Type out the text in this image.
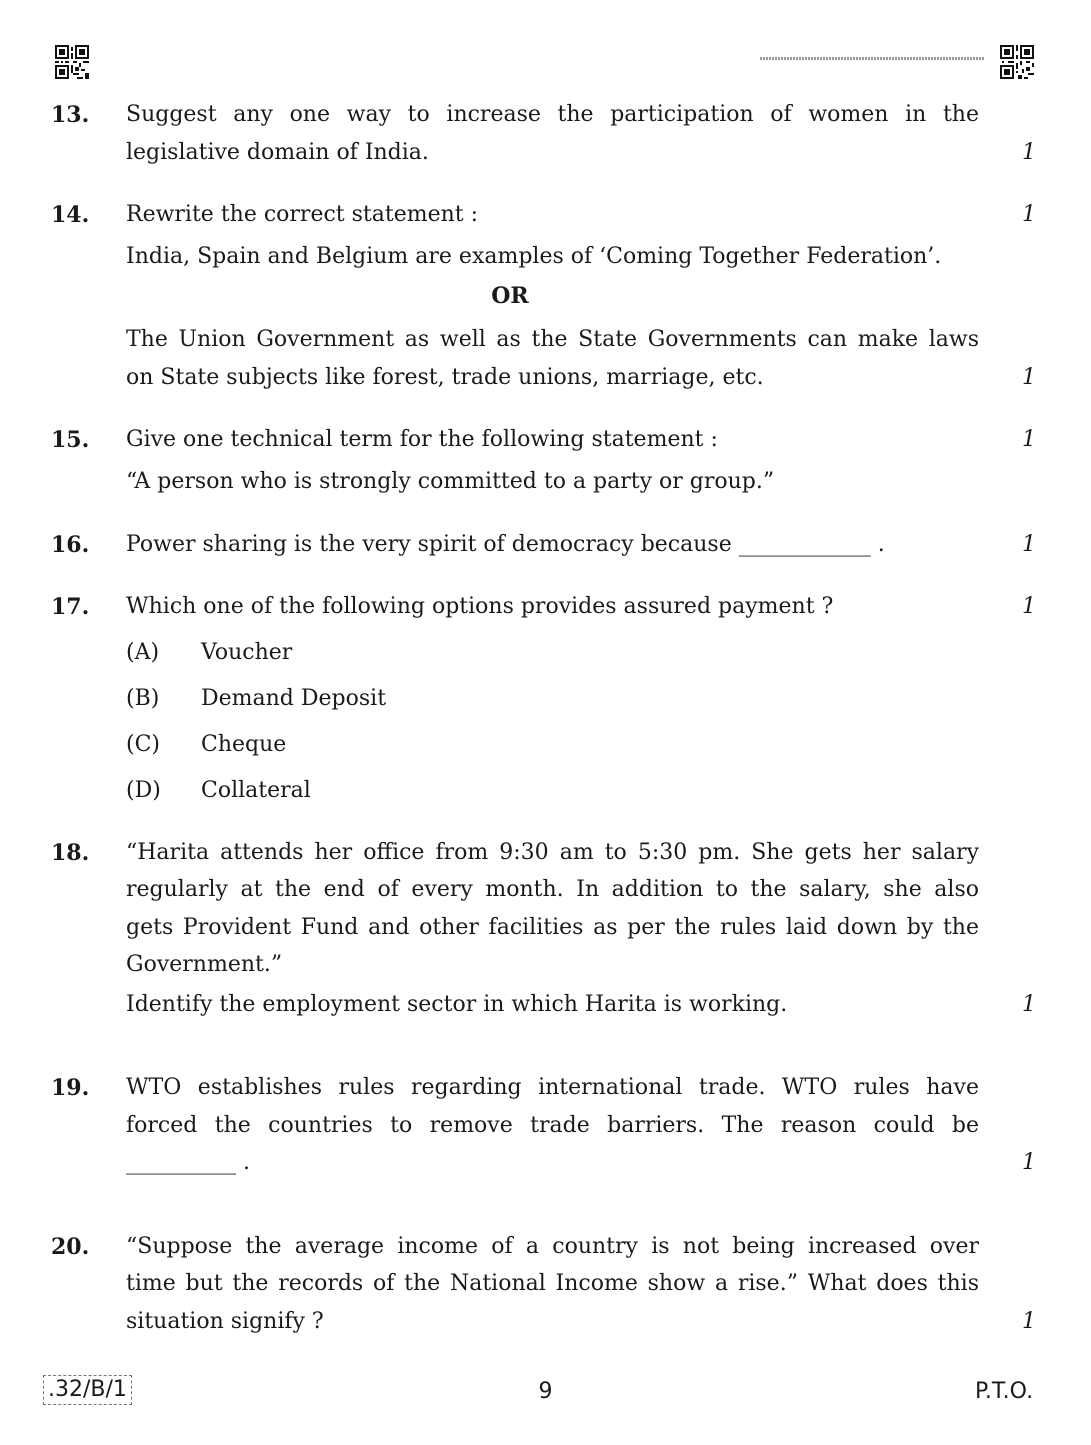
13. Suggest any one way to increase the participation of women in the
legislative domain of India.	1
14. Rewrite the correct statement :	1
India, Spain and Belgium are examples of ‘Coming Together Federation’.
OR
The Union Government as well as the State Governments can make laws
on State subjects like forest, trade unions, marriage, etc.	1
15. Give one technical term for the following statement :	1
“A person who is strongly committed to a party or group.”
16. Power sharing is the very spirit of democracy because ____________ .	1
17. Which one of the following options provides assured payment ?	1
(A) Voucher
(B) Demand Deposit
(C) Cheque
(D) Collateral
18. “Harita attends her office from 9:30 am to 5:30 pm. She gets her salary
regularly at the end of every month. In addition to the salary, she also
gets Provident Fund and other facilities as per the rules laid down by the
Government.”
Identify the employment sector in which Harita is working.	1
19. WTO establishes rules regarding international trade. WTO rules have
forced the countries to remove trade barriers. The reason could be
__________ .	1
20. “Suppose the average income of a country is not being increased over
time but the records of the National Income show a rise.” What does this
situation signify ?	1
.32/B/1	9	P.T.O.
